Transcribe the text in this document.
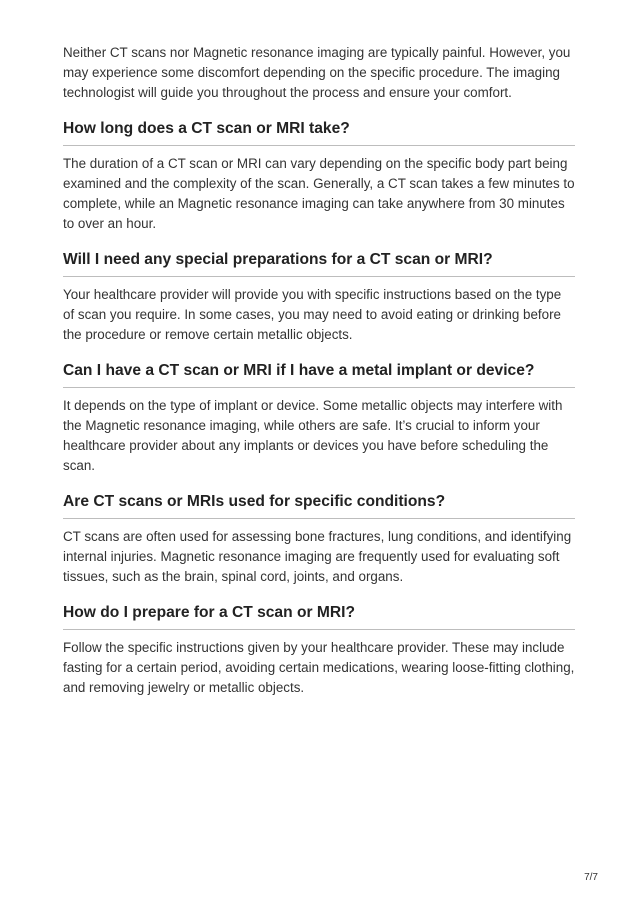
Neither CT scans nor Magnetic resonance imaging are typically painful. However, you may experience some discomfort depending on the specific procedure. The imaging technologist will guide you throughout the process and ensure your comfort.

How long does a CT scan or MRI take?

The duration of a CT scan or MRI can vary depending on the specific body part being examined and the complexity of the scan. Generally, a CT scan takes a few minutes to complete, while an Magnetic resonance imaging can take anywhere from 30 minutes to over an hour.

Will I need any special preparations for a CT scan or MRI?

Your healthcare provider will provide you with specific instructions based on the type of scan you require. In some cases, you may need to avoid eating or drinking before the procedure or remove certain metallic objects.

Can I have a CT scan or MRI if I have a metal implant or device?

It depends on the type of implant or device. Some metallic objects may interfere with the Magnetic resonance imaging, while others are safe. It’s crucial to inform your healthcare provider about any implants or devices you have before scheduling the scan.

Are CT scans or MRIs used for specific conditions?

CT scans are often used for assessing bone fractures, lung conditions, and identifying internal injuries. Magnetic resonance imaging are frequently used for evaluating soft tissues, such as the brain, spinal cord, joints, and organs.

How do I prepare for a CT scan or MRI?

Follow the specific instructions given by your healthcare provider. These may include fasting for a certain period, avoiding certain medications, wearing loose-fitting clothing, and removing jewelry or metallic objects.

7/7
